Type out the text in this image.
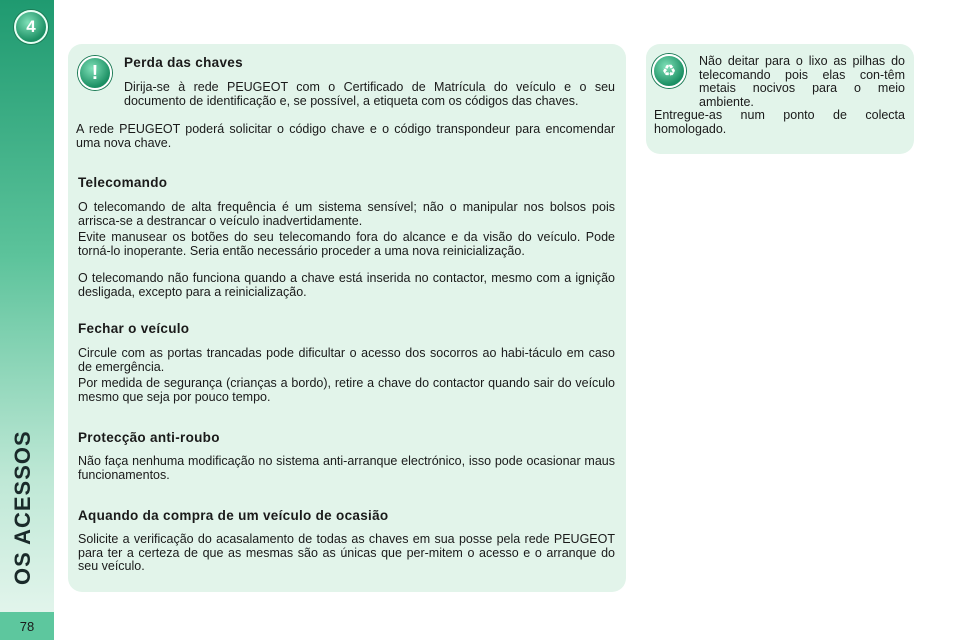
4
OS ACESSOS
78
!	Perda das chaves

Dirija-se à rede PEUGEOT com o Certificado de Matrícula do veículo e o seu documento de identificação e, se possível, a etiqueta com os códigos das chaves.

A rede PEUGEOT poderá solicitar o código chave e o código transpondeur para encomendar uma nova chave.

Telecomando

O telecomando de alta frequência é um sistema sensível; não o manipular nos bolsos pois arrisca-se a destrancar o veículo inadvertidamente.

Evite manusear os botões do seu telecomando fora do alcance e da visão do veículo. Pode torná-lo inoperante. Seria então necessário proceder a uma nova reinicialização.

O telecomando não funciona quando a chave está inserida no contactor, mesmo com a ignição desligada, excepto para a reinicialização.

Fechar o veículo

Circule com as portas trancadas pode dificultar o acesso dos socorros ao habi-táculo em caso de emergência.

Por medida de segurança (crianças a bordo), retire a chave do contactor quando sair do veículo mesmo que seja por pouco tempo.

Protecção anti-roubo

Não faça nenhuma modificação no sistema anti-arranque electrónico, isso pode ocasionar maus funcionamentos.

Aquando da compra de um veículo de ocasião

Solicite a verificação do acasalamento de todas as chaves em sua posse pela rede PEUGEOT para ter a certeza de que as mesmas são as únicas que per-mitem o acesso e o arranque do seu veículo.

♻

Não deitar para o lixo as pilhas do telecomando pois elas con-têm metais nocivos para o meio ambiente.

Entregue-as num ponto de colecta homologado.
